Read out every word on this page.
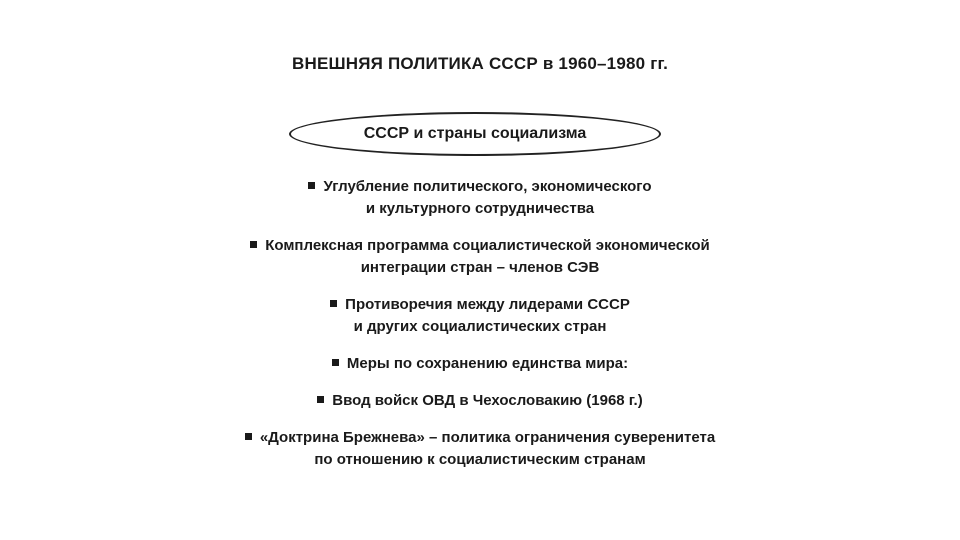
ВНЕШНЯЯ ПОЛИТИКА СССР в 1960–1980 гг.
СССР и страны социализма
Углубление политического, экономического
и культурного сотрудничества
Комплексная программа социалистической экономической
интеграции стран – членов СЭВ
Противоречия между лидерами СССР
и других социалистических стран
Меры по сохранению единства мира:
Ввод войск ОВД в Чехословакию (1968 г.)
«Доктрина Брежнева» – политика ограничения суверенитета
по отношению к социалистическим странам
